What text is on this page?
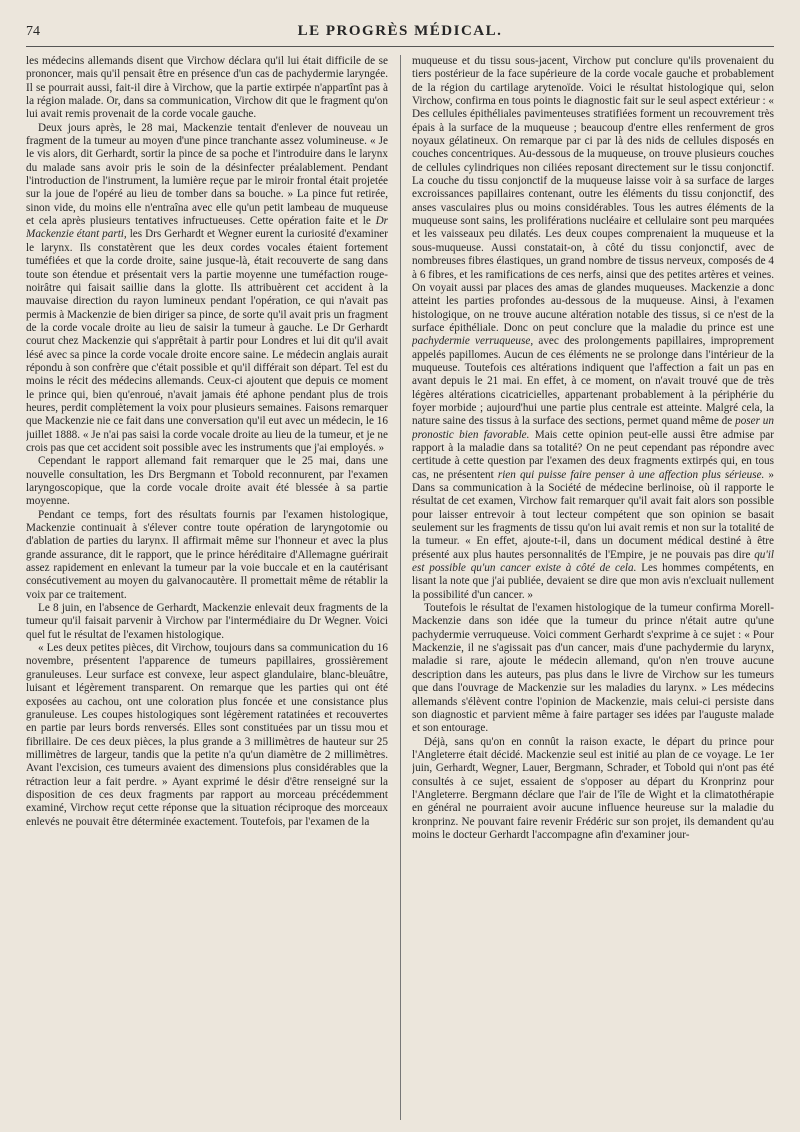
74	LE PROGRÈS MÉDICAL.

les médecins allemands disent que Virchow déclara qu'il lui était difficile de se prononcer, mais qu'il pensait être en présence d'un cas de pachydermie laryngée. Il se pourrait aussi, fait-il dire à Virchow, que la partie extirpée n'appartînt pas à la région malade. Or, dans sa communication, Virchow dit que le fragment qu'on lui avait remis provenait de la corde vocale gauche.

Deux jours après, le 28 mai, Mackenzie tentait d'enlever de nouveau un fragment de la tumeur au moyen d'une pince tranchante assez volumineuse. « Je le vis alors, dit Gerhardt, sortir la pince de sa poche et l'introduire dans le larynx du malade sans avoir pris le soin de la désinfecter préalablement. Pendant l'introduction de l'instrument, la lumière reçue par le miroir frontal était projetée sur la joue de l'opéré au lieu de tomber dans sa bouche. » La pince fut retirée, sinon vide, du moins elle n'entraîna avec elle qu'un petit lambeau de muqueuse et cela après plusieurs tentatives infructueuses. Cette opération faite et le Dr Mackenzie étant parti, les Drs Gerhardt et Wegner eurent la curiosité d'examiner le larynx. Ils constatèrent que les deux cordes vocales étaient fortement tuméfiées et que la corde droite, saine jusque-là, était recouverte de sang dans toute son étendue et présentait vers la partie moyenne une tuméfaction rouge-noirâtre qui faisait saillie dans la glotte. Ils attribuèrent cet accident à la mauvaise direction du rayon lumineux pendant l'opération, ce qui n'avait pas permis à Mackenzie de bien diriger sa pince, de sorte qu'il avait pris un fragment de la corde vocale droite au lieu de saisir la tumeur à gauche. Le Dr Gerhardt courut chez Mackenzie qui s'apprêtait à partir pour Londres et lui dit qu'il avait lésé avec sa pince la corde vocale droite encore saine. Le médecin anglais aurait répondu à son confrère que c'était possible et qu'il différait son départ. Tel est du moins le récit des médecins allemands. Ceux-ci ajoutent que depuis ce moment le prince qui, bien qu'enroué, n'avait jamais été aphone pendant plus de trois heures, perdit complètement la voix pour plusieurs semaines. Faisons remarquer que Mackenzie nie ce fait dans une conversation qu'il eut avec un médecin, le 16 juillet 1888. « Je n'ai pas saisi la corde vocale droite au lieu de la tumeur, et je ne crois pas que cet accident soit possible avec les instruments que j'ai employés. »

Cependant le rapport allemand fait remarquer que le 25 mai, dans une nouvelle consultation, les Drs Bergmann et Tobold reconnurent, par l'examen laryngoscopique, que la corde vocale droite avait été blessée à sa partie moyenne.

Pendant ce temps, fort des résultats fournis par l'examen histologique, Mackenzie continuait à s'élever contre toute opération de laryngotomie ou d'ablation de parties du larynx. Il affirmait même sur l'honneur et avec la plus grande assurance, dit le rapport, que le prince héréditaire d'Allemagne guérirait assez rapidement en enlevant la tumeur par la voie buccale et en la cautérisant consécutivement au moyen du galvanocautère. Il promettait même de rétablir la voix par ce traitement.

Le 8 juin, en l'absence de Gerhardt, Mackenzie enlevait deux fragments de la tumeur qu'il faisait parvenir à Virchow par l'intermédiaire du Dr Wegner. Voici quel fut le résultat de l'examen histologique.

« Les deux petites pièces, dit Virchow, toujours dans sa communication du 16 novembre, présentent l'apparence de tumeurs papillaires, grossièrement granuleuses. Leur surface est convexe, leur aspect glandulaire, blanc-bleuâtre, luisant et légèrement transparent. On remarque que les parties qui ont été exposées au cachou, ont une coloration plus foncée et une consistance plus granuleuse. Les coupes histologiques sont légèrement ratatinées et recouvertes en partie par leurs bords renversés. Elles sont constituées par un tissu mou et fibrillaire. De ces deux pièces, la plus grande a 3 millimètres de hauteur sur 25 millimètres de largeur, tandis que la petite n'a qu'un diamètre de 2 millimètres. Avant l'excision, ces tumeurs avaient des dimensions plus considérables que la rétraction leur a fait perdre. » Ayant exprimé le désir d'être renseigné sur la disposition de ces deux fragments par rapport au morceau précédemment examiné, Virchow reçut cette réponse que la situation réciproque des morceaux enlevés ne pouvait être déterminée exactement. Toutefois, par l'examen de la

muqueuse et du tissu sous-jacent, Virchow put conclure qu'ils provenaient du tiers postérieur de la face supérieure de la corde vocale gauche et probablement de la région du cartilage arytenoïde. Voici le résultat histologique qui, selon Virchow, confirma en tous points le diagnostic fait sur le seul aspect extérieur : « Des cellules épithéliales pavimenteuses stratifiées forment un recouvrement très épais à la surface de la muqueuse ; beaucoup d'entre elles renferment de gros noyaux gélatineux. On remarque par ci par là des nids de cellules disposés en couches concentriques. Au-dessous de la muqueuse, on trouve plusieurs couches de cellules cylindriques non ciliées reposant directement sur le tissu conjonctif. La couche du tissu conjonctif de la muqueuse laisse voir à sa surface de larges excroissances papillaires contenant, outre les éléments du tissu conjonctif, des anses vasculaires plus ou moins considérables. Tous les autres éléments de la muqueuse sont sains, les proliférations nucléaire et cellulaire sont peu marquées et les vaisseaux peu dilatés. Les deux coupes comprenaient la muqueuse et la sous-muqueuse. Aussi constatait-on, à côté du tissu conjonctif, avec de nombreuses fibres élastiques, un grand nombre de tissus nerveux, composés de 4 à 6 fibres, et les ramifications de ces nerfs, ainsi que des petites artères et veines. On voyait aussi par places des amas de glandes muqueuses. Mackenzie a donc atteint les parties profondes au-dessous de la muqueuse. Ainsi, à l'examen histologique, on ne trouve aucune altération notable des tissus, si ce n'est de la surface épithéliale. Donc on peut conclure que la maladie du prince est une pachydermie verruqueuse, avec des prolongements papillaires, improprement appelés papillomes. Aucun de ces éléments ne se prolonge dans l'intérieur de la muqueuse. Toutefois ces altérations indiquent que l'affection a fait un pas en avant depuis le 21 mai. En effet, à ce moment, on n'avait trouvé que de très légères altérations cicatricielles, appartenant probablement à la périphérie du foyer morbide ; aujourd'hui une partie plus centrale est atteinte. Malgré cela, la nature saine des tissus à la surface des sections, permet quand même de poser un pronostic bien favorable. Mais cette opinion peut-elle aussi être admise par rapport à la maladie dans sa totalité? On ne peut cependant pas répondre avec certitude à cette question par l'examen des deux fragments extirpés qui, en tous cas, ne présentent rien qui puisse faire penser à une affection plus sérieuse. » Dans sa communication à la Société de médecine berlinoise, où il rapporte le résultat de cet examen, Virchow fait remarquer qu'il avait fait alors son possible pour laisser entrevoir à tout lecteur compétent que son opinion se basait seulement sur les fragments de tissu qu'on lui avait remis et non sur la totalité de la tumeur. « En effet, ajoute-t-il, dans un document médical destiné à être présenté aux plus hautes personnalités de l'Empire, je ne pouvais pas dire qu'il est possible qu'un cancer existe à côté de cela. Les hommes compétents, en lisant la note que j'ai publiée, devaient se dire que mon avis n'excluait nullement la possibilité d'un cancer. »

Toutefois le résultat de l'examen histologique de la tumeur confirma Morell-Mackenzie dans son idée que la tumeur du prince n'était autre qu'une pachydermie verruqueuse. Voici comment Gerhardt s'exprime à ce sujet : « Pour Mackenzie, il ne s'agissait pas d'un cancer, mais d'une pachydermie du larynx, maladie si rare, ajoute le médecin allemand, qu'on n'en trouve aucune description dans les auteurs, pas plus dans le livre de Virchow sur les tumeurs que dans l'ouvrage de Mackenzie sur les maladies du larynx. » Les médecins allemands s'élèvent contre l'opinion de Mackenzie, mais celui-ci persiste dans son diagnostic et parvient même à faire partager ses idées par l'auguste malade et son entourage.

Déjà, sans qu'on en connût la raison exacte, le départ du prince pour l'Angleterre était décidé. Mackenzie seul est initié au plan de ce voyage. Le 1er juin, Gerhardt, Wegner, Lauer, Bergmann, Schrader, et Tobold qui n'ont pas été consultés à ce sujet, essaient de s'opposer au départ du Kronprinz pour l'Angleterre. Bergmann déclare que l'air de l'île de Wight et la climatothérapie en général ne pourraient avoir aucune influence heureuse sur la maladie du kronprinz. Ne pouvant faire revenir Frédéric sur son projet, ils demandent qu'au moins le docteur Gerhardt l'accompagne afin d'examiner jour-
